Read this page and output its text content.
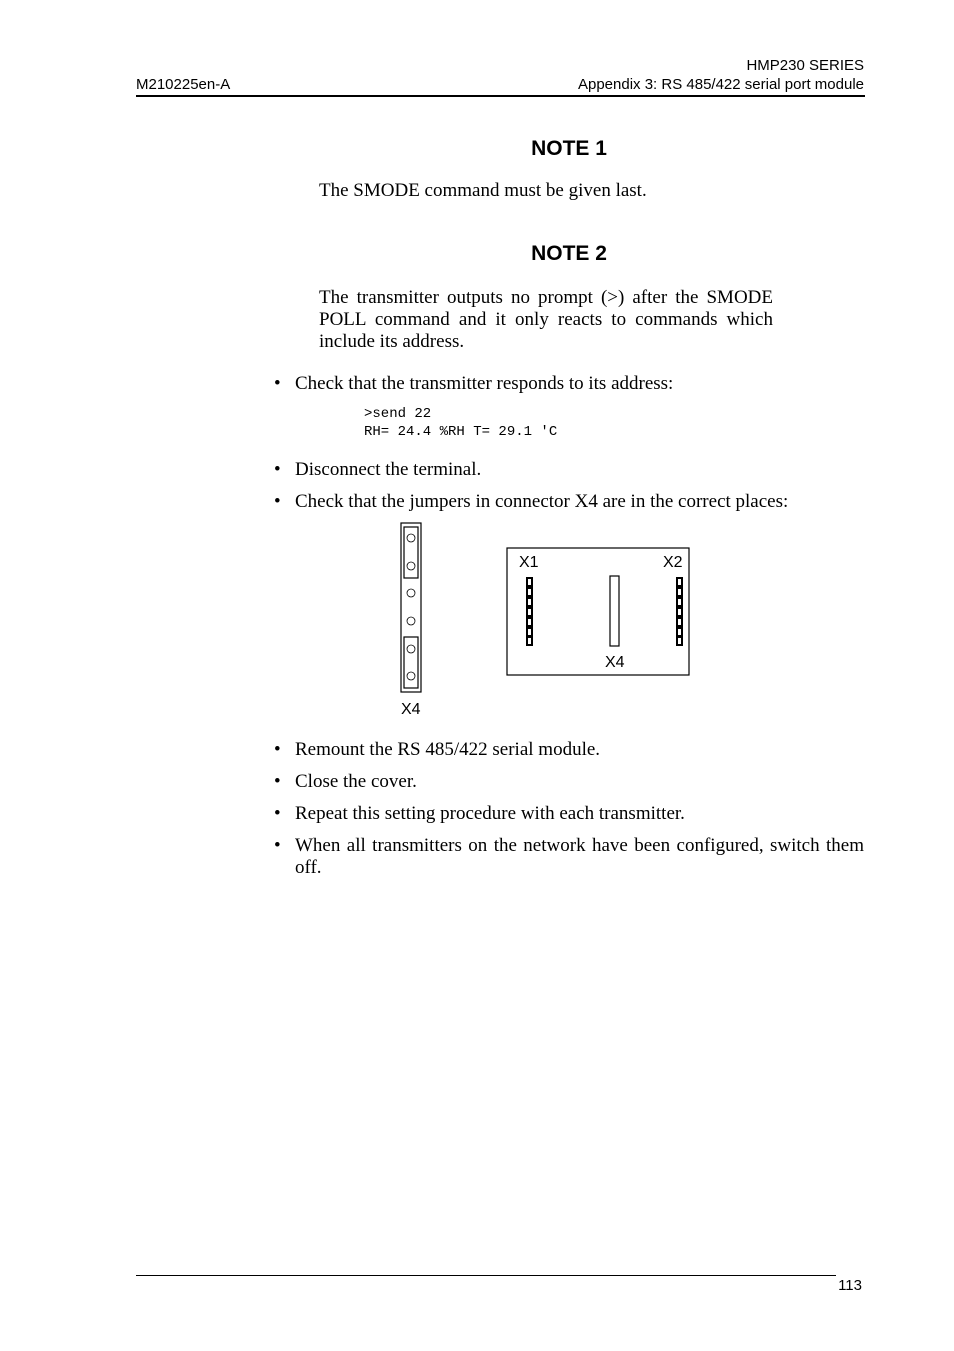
HMP230 SERIES
M210225en-A	Appendix 3: RS 485/422 serial port module
NOTE 1
The SMODE command must be given last.
NOTE 2
The transmitter outputs no prompt (>) after the SMODE POLL command and it only reacts to commands which include its address.
• Check that the transmitter responds to its address:
>send 22
RH= 24.4 %RH T= 29.1 'C
• Disconnect the terminal.
• Check that the jumpers in connector X4 are in the correct places:
X4
X1	X2
X4
• Remount the RS 485/422 serial module.
• Close the cover.
• Repeat this setting procedure with each transmitter.
• When all transmitters on the network have been configured, switch them off.
113
